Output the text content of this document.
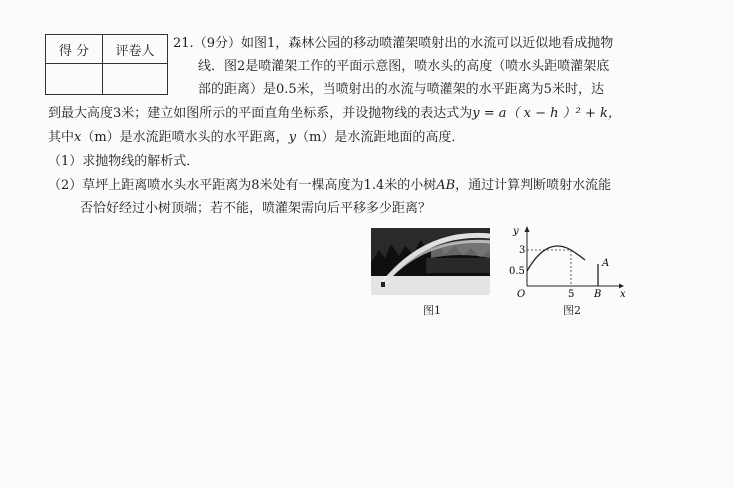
得 分	评卷人
	21.（9分）如图1，森林公园的移动喷灌架喷射出的水流可以近似地看成抛物
线．图2是喷灌架工作的平面示意图，喷水头的高度（喷水头距喷灌架底
部的距离）是0.5米，当喷射出的水流与喷灌架的水平距离为5米时，达
到最大高度3米；建立如图所示的平面直角坐标系，并设抛物线的表达式为y = a（ x − h ）² + k，
其中x（m）是水流距喷水头的水平距离，y（m）是水流距地面的高度．
（1）求抛物线的解析式．
（2）草坪上距离喷水头水平距离为8米处有一棵高度为1.4米的小树AB，通过计算判断喷射水流能
否恰好经过小树顶端；若不能，喷灌架需向后平移多少距离？
图1
y
x
O
3
0.5
5
A
B
图2
